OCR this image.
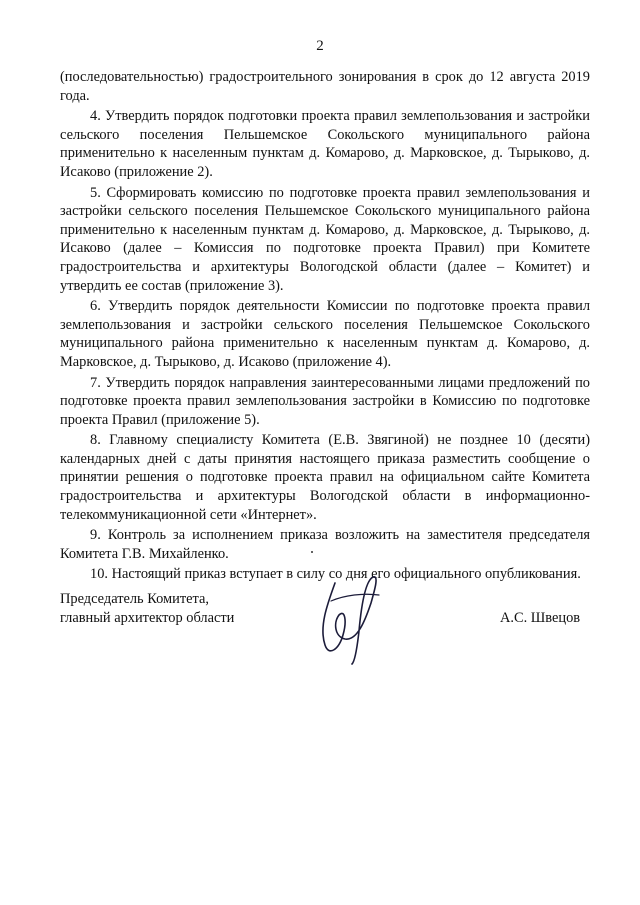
2

(последовательностью) градостроительного зонирования в срок до 12 августа 2019 года.

4. Утвердить порядок подготовки проекта правил землепользования и застройки сельского поселения Пельшемское Сокольского муниципального района применительно к населенным пунктам д. Комарово, д. Марковское, д. Тырыково, д. Исаково (приложение 2).

5. Сформировать комиссию по подготовке проекта правил землепользования и застройки сельского поселения Пельшемское Сокольского муниципального района применительно к населенным пунктам д. Комарово, д. Марковское, д. Тырыково, д. Исаково (далее – Комиссия по подготовке проекта Правил) при Комитете градостроительства и архитектуры Вологодской области (далее – Комитет) и утвердить ее состав (приложение 3).

6. Утвердить порядок деятельности Комиссии по подготовке проекта правил землепользования и застройки сельского поселения Пельшемское Сокольского муниципального района применительно к населенным пунктам д. Комарово, д. Марковское, д. Тырыково, д. Исаково (приложение 4).

7. Утвердить порядок направления заинтересованными лицами предложений по подготовке проекта правил землепользования застройки в Комиссию по подготовке проекта Правил (приложение 5).

8. Главному специалисту Комитета (Е.В. Звягиной) не позднее 10 (десяти) календарных дней с даты принятия настоящего приказа разместить сообщение о принятии решения о подготовке проекта правил на официальном сайте Комитета градостроительства и архитектуры Вологодской области в информационно-телекоммуникационной сети «Интернет».

9. Контроль за исполнением приказа возложить на заместителя председателя Комитета Г.В. Михайленко.

10. Настоящий приказ вступает в силу со дня его официального опубликования.

Председатель Комитета,
главный архитектор области	А.С. Швецов
